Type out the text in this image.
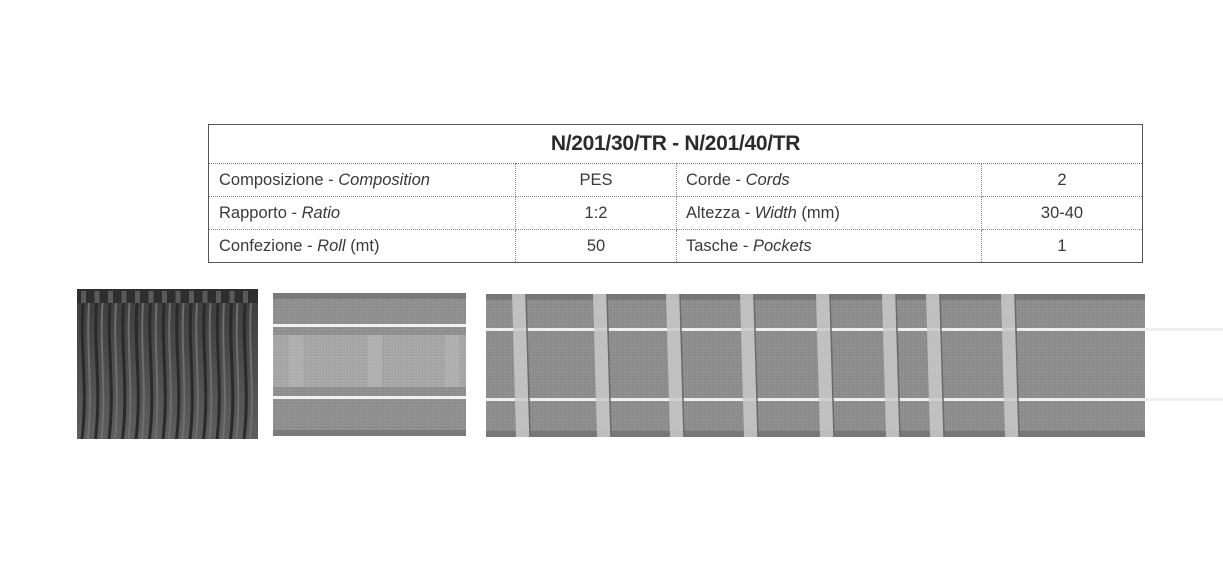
N/201/30/TR - N/201/40/TR			
Composizione - Composition	PES	Corde - Cords	2
Rapporto - Ratio	1:2	Altezza - Width (mm)	30-40
Confezione - Roll (mt)	50	Tasche - Pockets	1
